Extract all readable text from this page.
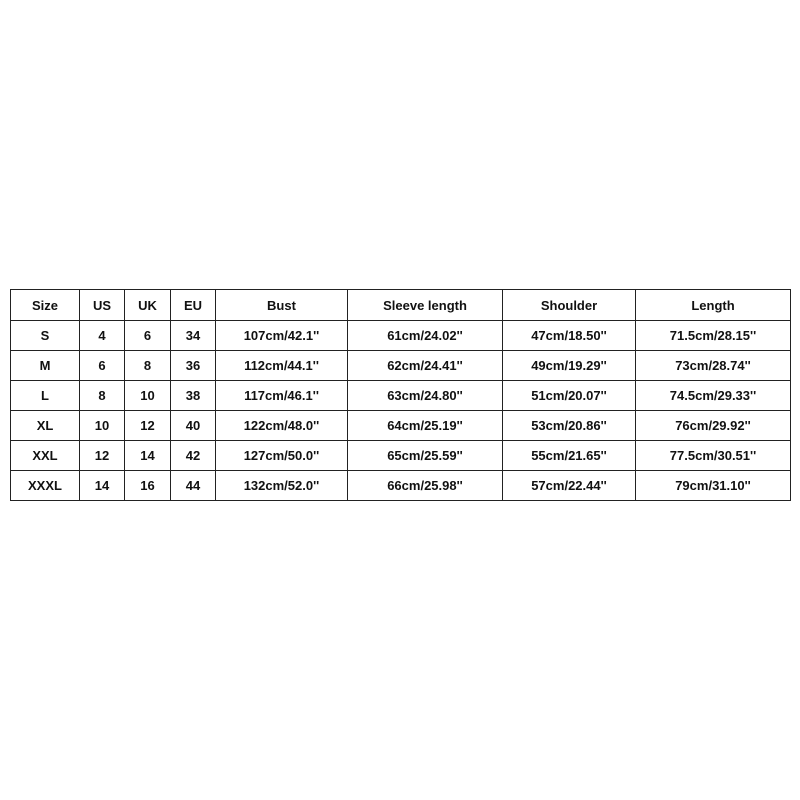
Size	US	UK	EU	Bust	Sleeve length	Shoulder	Length
S	4	6	34	107cm/42.1''	61cm/24.02''	47cm/18.50''	71.5cm/28.15''
M	6	8	36	112cm/44.1''	62cm/24.41''	49cm/19.29''	73cm/28.74''
L	8	10	38	117cm/46.1''	63cm/24.80''	51cm/20.07''	74.5cm/29.33''
XL	10	12	40	122cm/48.0''	64cm/25.19''	53cm/20.86''	76cm/29.92''
XXL	12	14	42	127cm/50.0''	65cm/25.59''	55cm/21.65''	77.5cm/30.51''
XXXL	14	16	44	132cm/52.0''	66cm/25.98''	57cm/22.44''	79cm/31.10''
